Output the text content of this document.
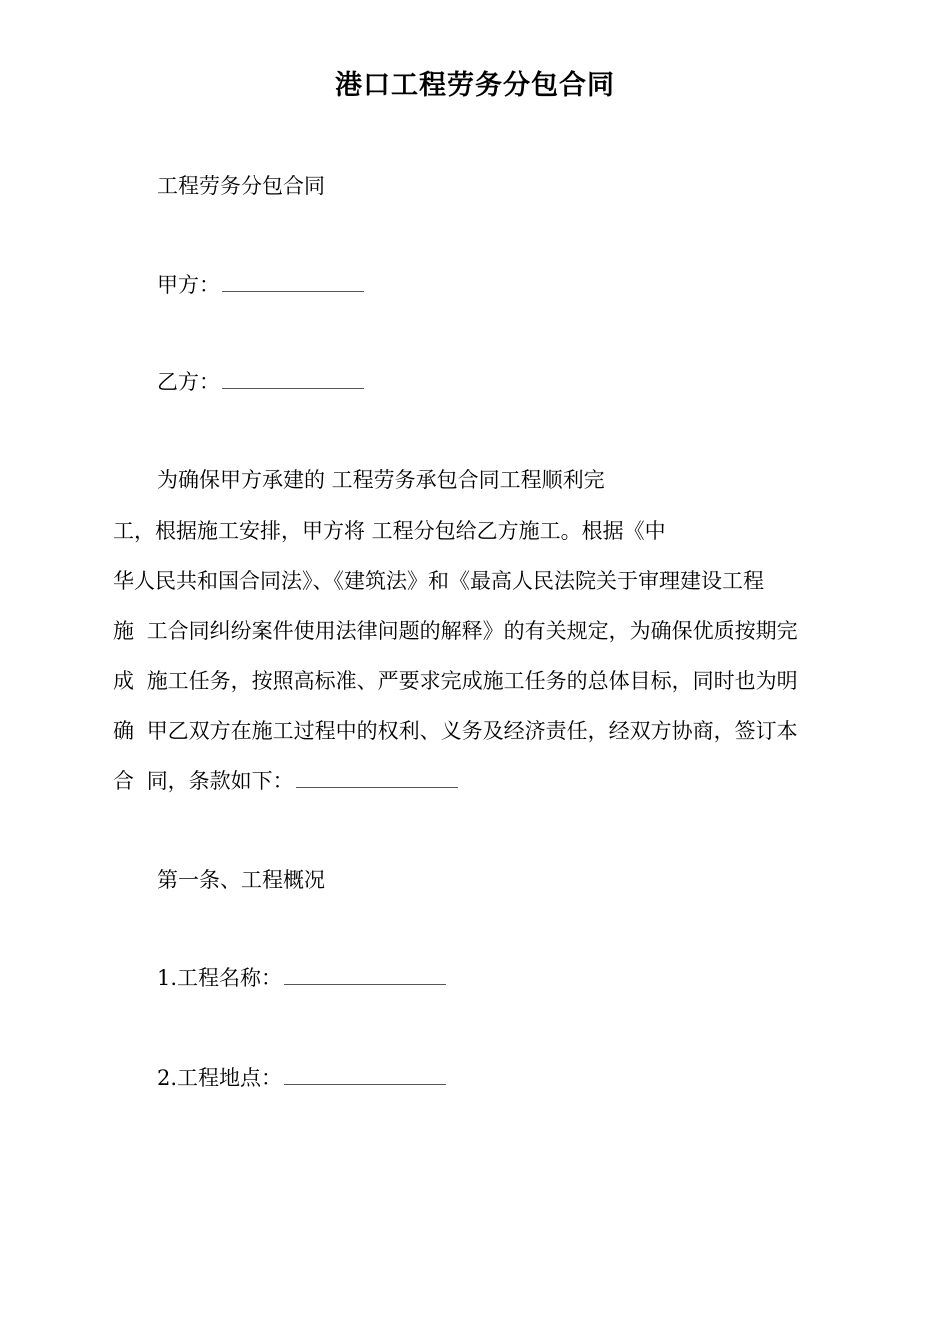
港口工程劳务分包合同
工程劳务分包合同
甲方：
乙方：
为确保甲方承建的 工程劳务承包合同工程顺利完
工，根据施工安排，甲方将 工程分包给乙方施工。根据《中
华人民共和国合同法》、《建筑法》和《最高人民法院关于审理建设工程
施 工合同纠纷案件使用法律问题的解释》的有关规定，为确保优质按期完
成 施工任务，按照高标准、严要求完成施工任务的总体目标，同时也为明
确 甲乙双方在施工过程中的权利、义务及经济责任，经双方协商，签订本
合 同，条款如下：
第一条、工程概况
1.工程名称：
2.工程地点：
